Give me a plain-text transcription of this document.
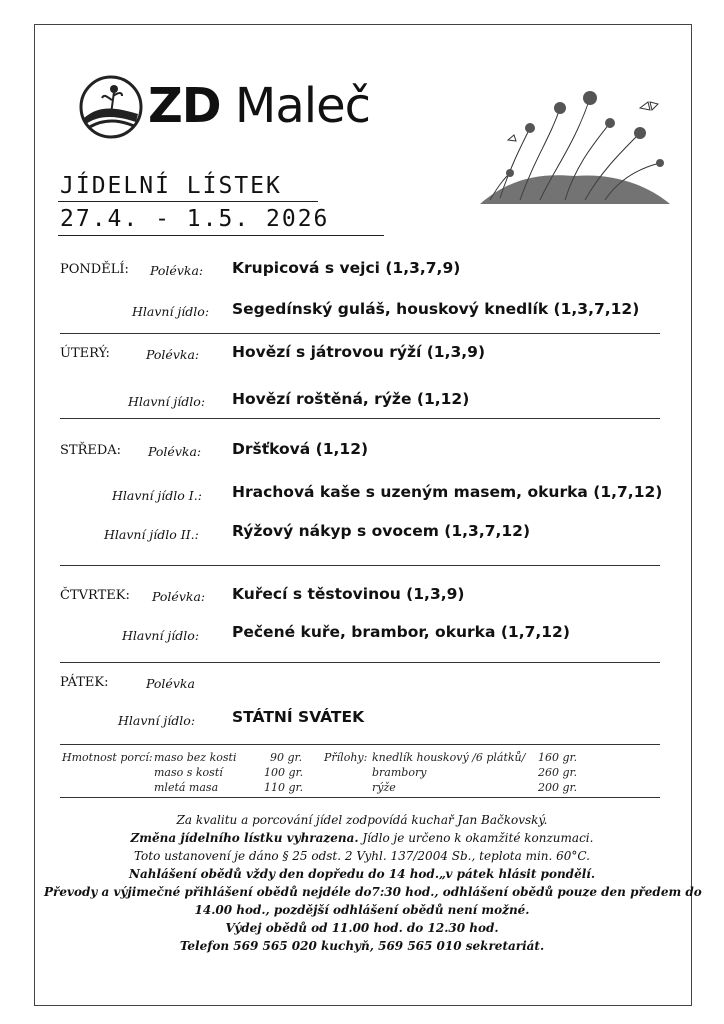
ZD Maleč
JÍDELNÍ LÍSTEK
27.4. - 1.5. 2026
PONDĚLÍ: Polévka: Krupicová s vejci (1,3,7,9)
Hlavní jídlo: Segedínský guláš, houskový knedlík (1,3,7,12)
ÚTERÝ:	Polévka: Hovězí s játrovou rýží (1,3,9)
Hlavní jídlo: Hovězí roštěná, rýže (1,12)
STŘEDA: Polévka: Dršťková (1,12)
Hlavní jídlo I.: Hrachová kaše s uzeným masem, okurka (1,7,12)
Hlavní jídlo II.: Rýžový nákyp s ovocem (1,3,7,12)
ČTVRTEK: Polévka: Kuřecí s těstovinou (1,3,9)
Hlavní jídlo: Pečené kuře, brambor, okurka (1,7,12)
PÁTEK:	Polévka
Hlavní jídlo: STÁTNÍ SVÁTEK
Hmotnost porcí: maso bez kosti	90 gr.
maso s kostí	100 gr.
mletá masa	110 gr.
Přílohy: knedlík houskový /6 plátků/ 160 gr.
brambory	260 gr.
rýže	200 gr.
Za kvalitu a porcování jídel zodpovídá kuchař Jan Bačkovský.
Změna jídelního lístku vyhrazena. Jídlo je určeno k okamžité konzumaci.
Toto ustanovení je dáno § 25 odst. 2 Vyhl. 137/2004 Sb., teplota min. 60°C.
Nahlášení obědů vždy den dopředu do 14 hod.„v pátek hlásit pondělí.
Převody a výjimečné přihlášení obědů nejdéle do7:30 hod., odhlášení obědů pouze den předem do
14.00 hod., pozdější odhlášení obědů není možné.
Výdej obědů od 11.00 hod. do 12.30 hod.
Telefon 569 565 020 kuchyň, 569 565 010 sekretariát.
